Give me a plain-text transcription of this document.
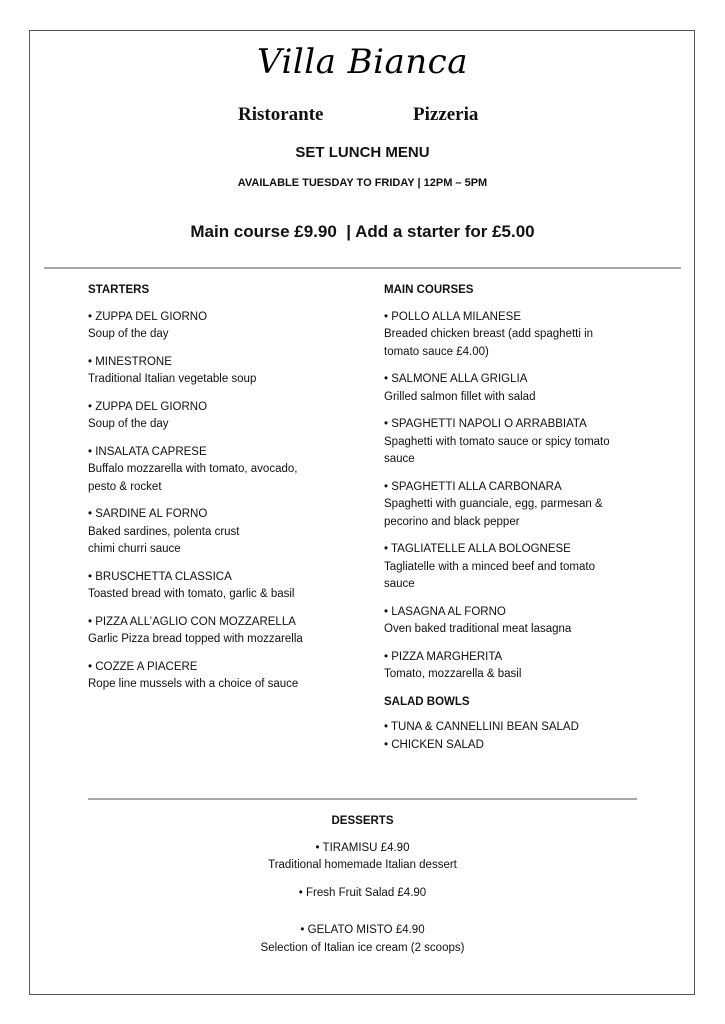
Villa Bianca
Ristorante	Pizzeria
SET LUNCH MENU
AVAILABLE TUESDAY TO FRIDAY | 12PM – 5PM
Main course £9.90  | Add a starter for £5.00
STARTERS
• ZUPPA DEL GIORNO
Soup of the day
• MINESTRONE
Traditional Italian vegetable soup
• ZUPPA DEL GIORNO
Soup of the day
• INSALATA CAPRESE
Buffalo mozzarella with tomato, avocado,
pesto & rocket
• SARDINE AL FORNO
Baked sardines, polenta crust
chimi churri sauce
• BRUSCHETTA CLASSICA
Toasted bread with tomato, garlic & basil
• PIZZA ALL’AGLIO CON MOZZARELLA
Garlic Pizza bread topped with mozzarella
• COZZE A PIACERE
Rope line mussels with a choice of sauce
MAIN COURSES
• POLLO ALLA MILANESE
Breaded chicken breast (add spaghetti in
tomato sauce £4.00)
• SALMONE ALLA GRIGLIA
Grilled salmon fillet with salad
• SPAGHETTI NAPOLI O ARRABBIATA
Spaghetti with tomato sauce or spicy tomato
sauce
• SPAGHETTI ALLA CARBONARA
Spaghetti with guanciale, egg, parmesan &
pecorino and black pepper
• TAGLIATELLE ALLA BOLOGNESE
Tagliatelle with a minced beef and tomato
sauce
• LASAGNA AL FORNO
Oven baked traditional meat lasagna
• PIZZA MARGHERITA
Tomato, mozzarella & basil
SALAD BOWLS
• TUNA & CANNELLINI BEAN SALAD
• CHICKEN SALAD
DESSERTS
• TIRAMISU £4.90
Traditional homemade Italian dessert
• Fresh Fruit Salad £4.90
• GELATO MISTO £4.90
Selection of Italian ice cream (2 scoops)
